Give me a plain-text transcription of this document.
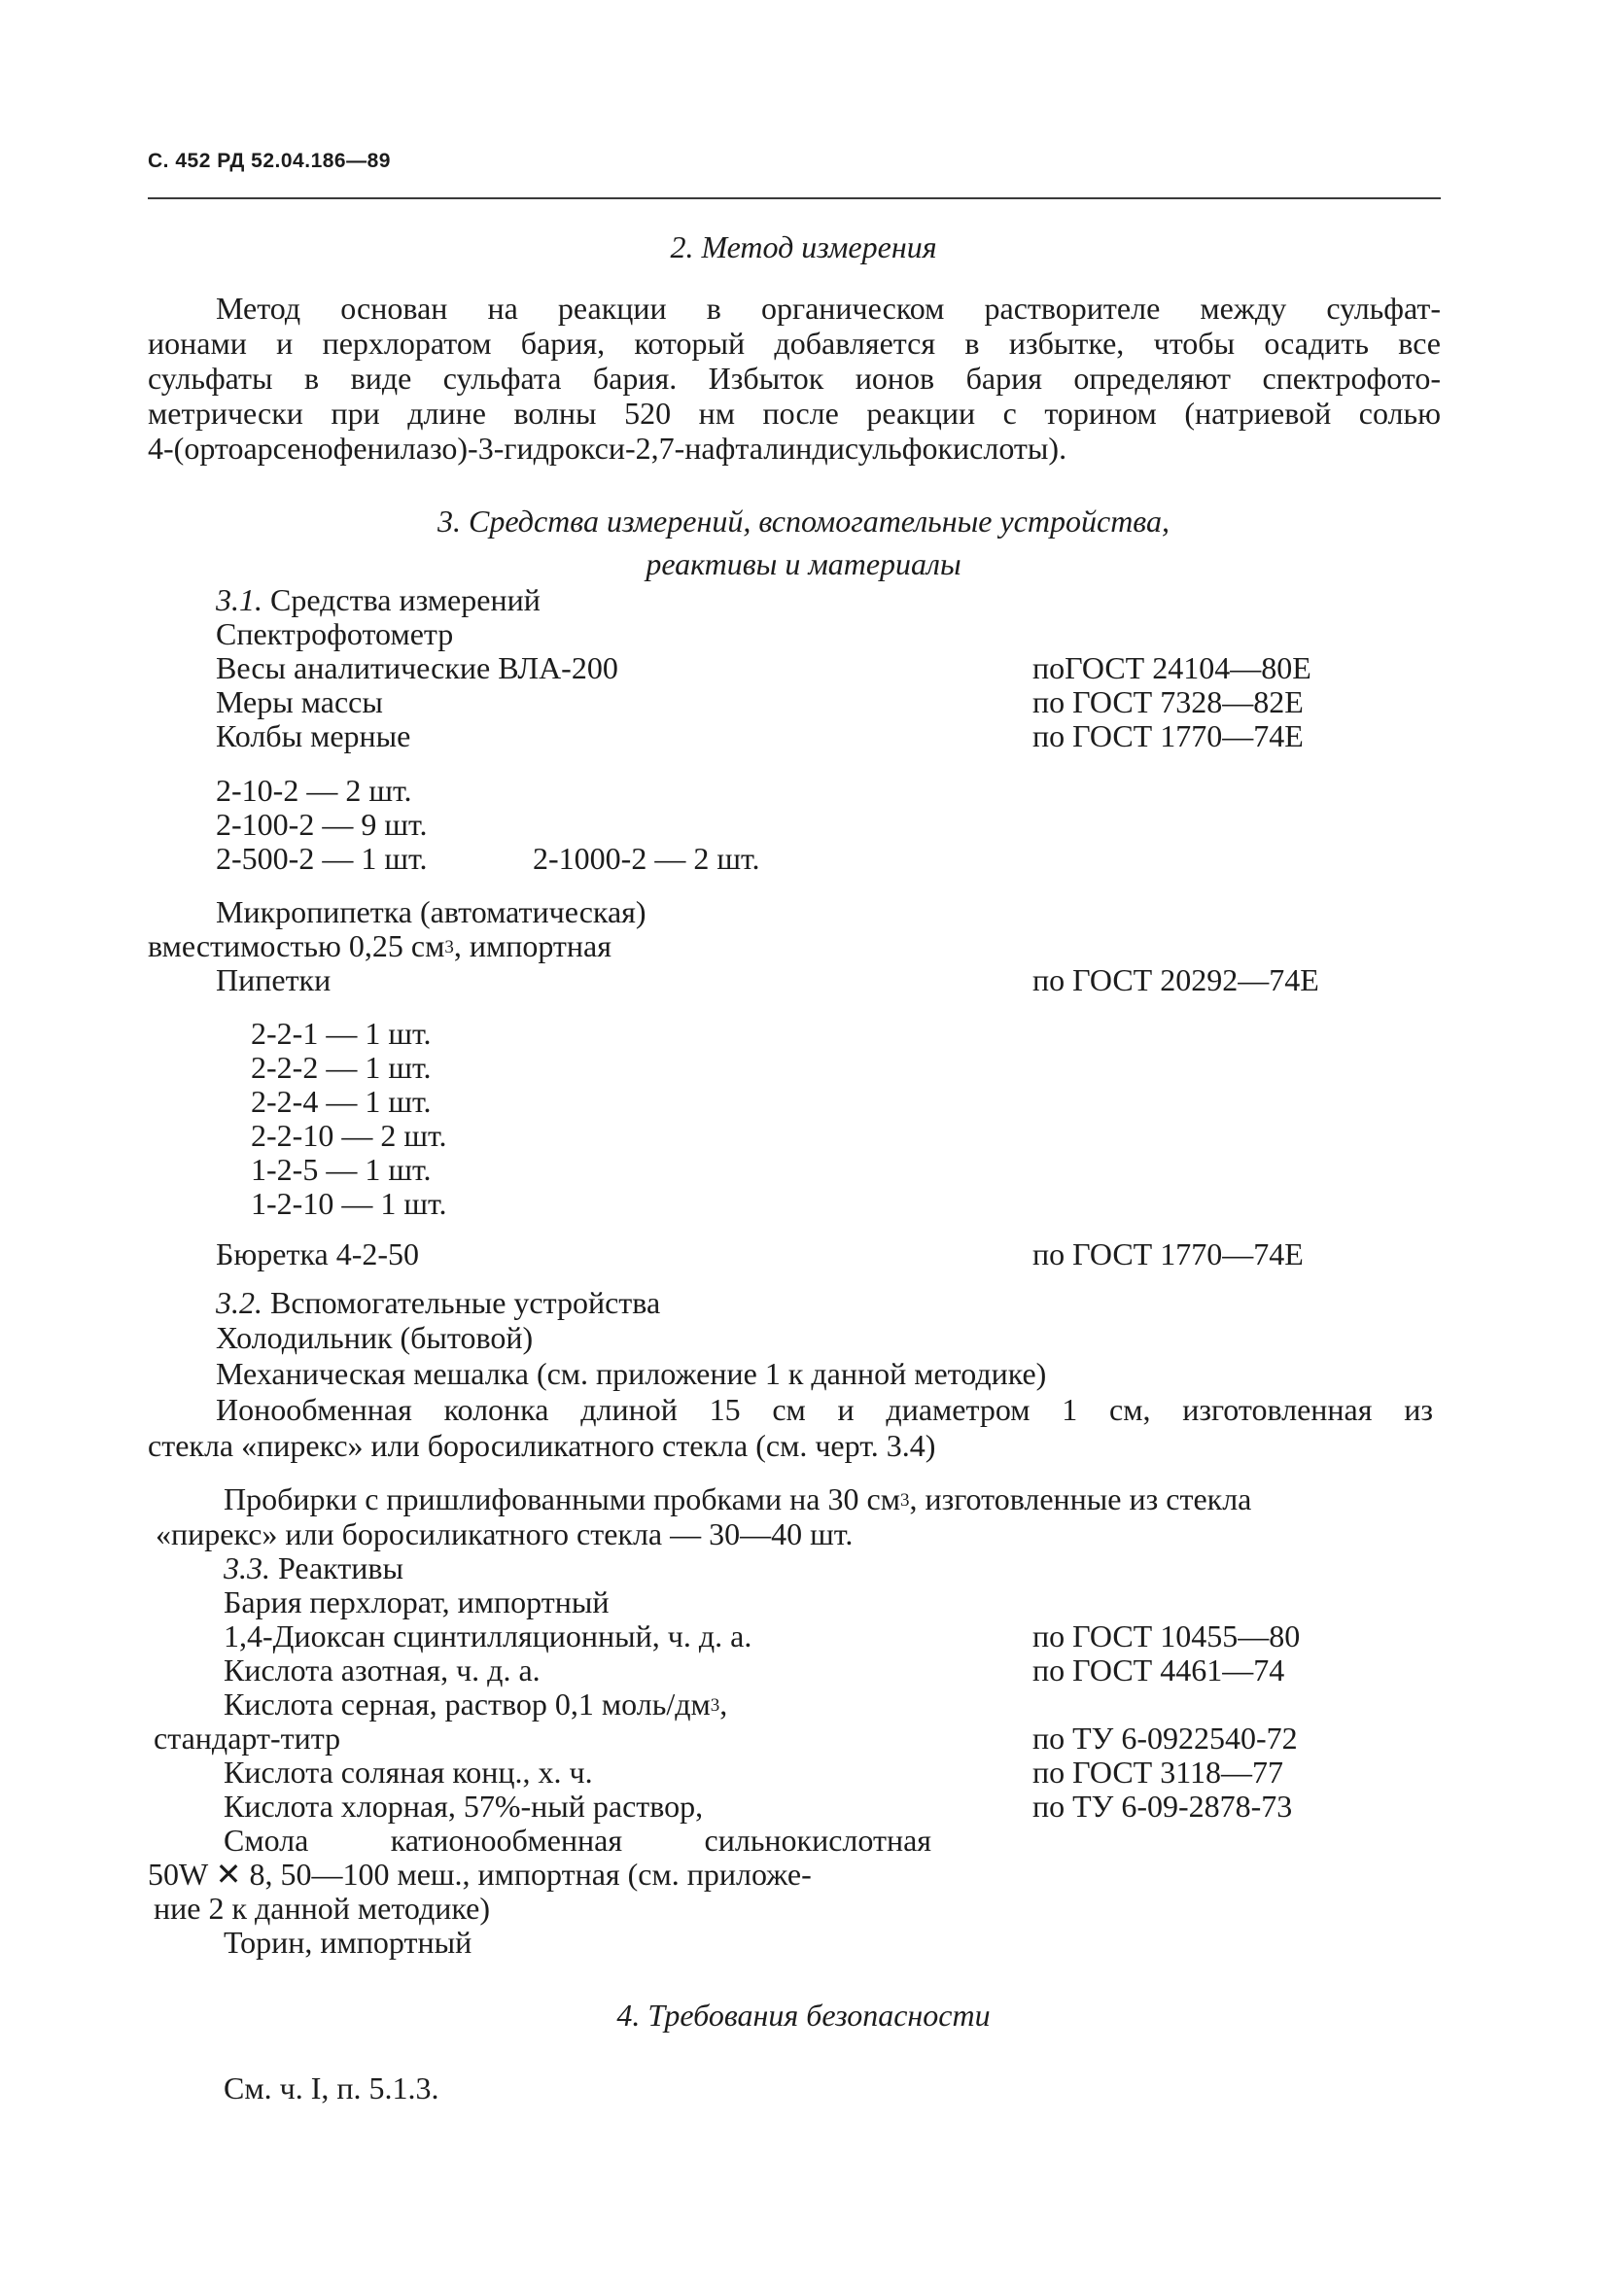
С. 452 РД 52.04.186—89
2. Метод измерения
Метод основан на реакции в органическом растворителе между сульфат-
ионами и перхлоратом бария, который добавляется в избытке, чтобы осадить все
сульфаты в виде сульфата бария. Избыток ионов бария определяют спектрофото-
метрически при длине волны 520 нм после реакции с торином (натриевой солью
4-(ортоарсенофенилазо)-3-гидрокси-2,7-нафталиндисульфокислоты).
3. Средства измерений, вспомогательные устройства,
реактивы и материалы
3.1. Средства измерений
Спектрофотометр
Весы аналитические ВЛА-200	поГОСТ 24104—80Е
Меры массы	по ГОСТ 7328—82Е
Колбы мерные	по ГОСТ 1770—74Е
2-10-2 — 2 шт.
2-100-2 — 9 шт.
2-500-2 — 1 шт.	2-1000-2 — 2 шт.
Микропипетка (автоматическая)
вместимостью 0,25 $см^3$, импортная
Пипетки	по ГОСТ 20292—74Е
2-2-1 — 1 шт.
2-2-2 — 1 шт.
2-2-4 — 1 шт.
2-2-10 — 2 шт.
1-2-5 — 1 шт.
1-2-10 — 1 шт.
Бюретка 4-2-50	по ГОСТ 1770—74Е
3.2. Вспомогательные устройства
Холодильник (бытовой)
Механическая мешалка (см. приложение 1 к данной методике)
Ионообменная колонка длиной 15 см и диаметром 1 см, изготовленная из
стекла «пирекс» или боросиликатного стекла (см. черт. 3.4)
Пробирки с пришлифованными пробками на 30 $см^3$, изготовленные из стекла
«пирекс» или боросиликатного стекла — 30—40 шт.
3.3. Реактивы
Бария перхлорат, импортный
1,4-Диоксан сцинтилляционный, ч. д. а.	по ГОСТ 10455—80
Кислота азотная, ч. д. а.	по ГОСТ 4461—74
Кислота серная, раствор 0,1 моль/$дм^3$,
стандарт-титр	по ТУ 6-0922540-72
Кислота соляная конц., х. ч.	по ГОСТ 3118—77
Кислота хлорная, 57%-ный раствор,	по ТУ 6-09-2878-73
Смола катионообменная сильнокислотная
50W ✕ 8, 50—100 меш., импортная (см. приложе-
ние 2 к данной методике)
Торин, импортный
4. Требования безопасности
См. ч. I, п. 5.1.3.
